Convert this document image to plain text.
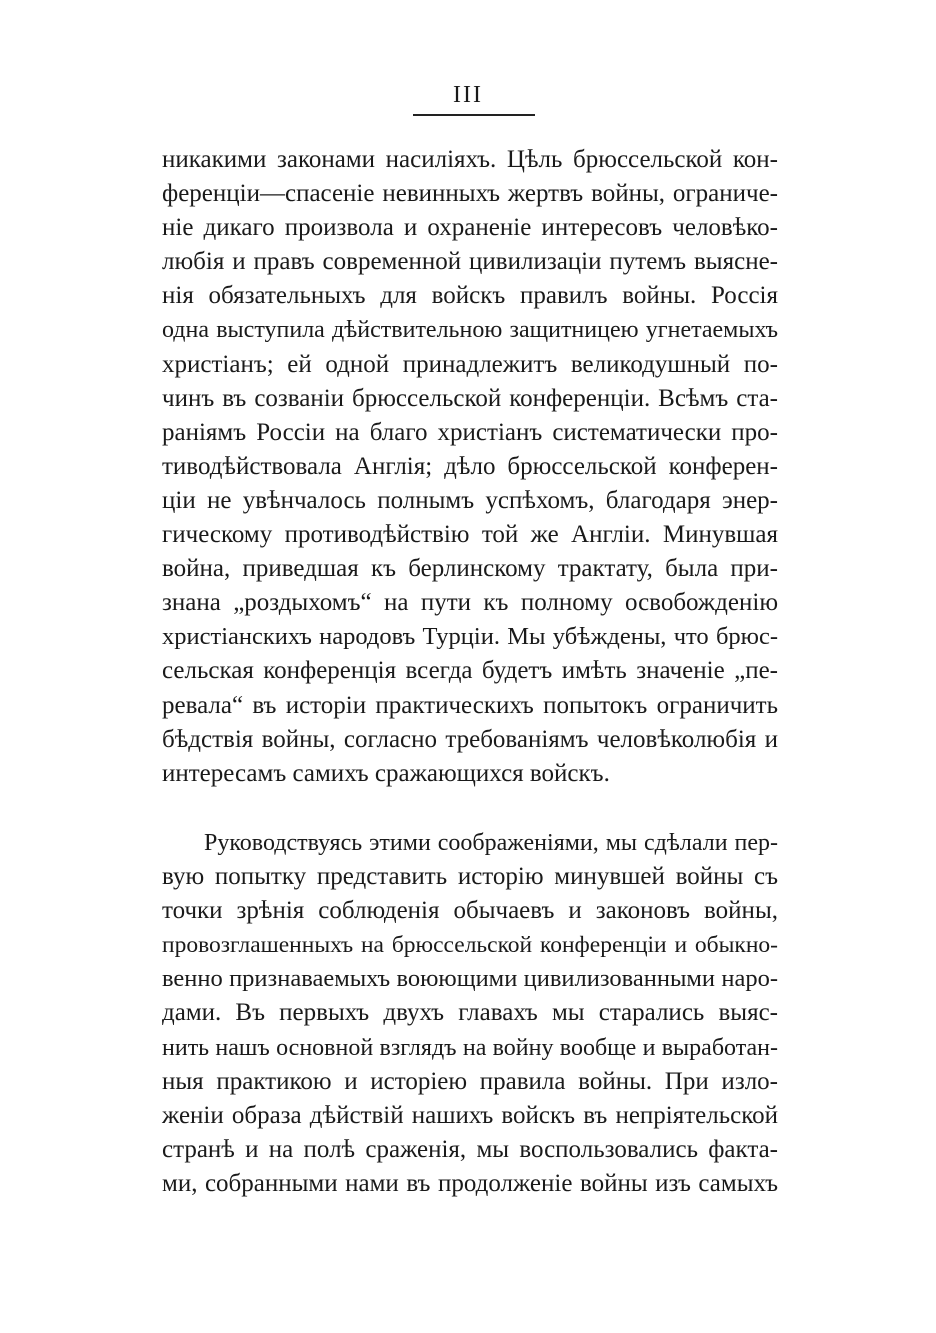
III
никакими законами насиліяхъ. Цѣль брюссельской кон-
ференціи—спасеніе невинныхъ жертвъ войны, ограниче-
ніе дикаго произвола и охраненіе интересовъ человѣко-
любія и правъ современной цивилизаціи путемъ выясне-
нія обязательныхъ для войскъ правилъ войны. Россія
одна выступила дѣйствительною защитницею угнетаемыхъ
христіанъ; ей одной принадлежитъ великодушный по-
чинъ въ созваніи брюссельской конференціи. Всѣмъ ста-
раніямъ Россіи на благо христіанъ систематически про-
тиводѣйствовала Англія; дѣло брюссельской конферен-
ціи не увѣнчалось полнымъ успѣхомъ, благодаря энер-
гическому противодѣйствію той же Англіи. Минувшая
война, приведшая къ берлинскому трактату, была при-
знана „роздыхомъ“ на пути къ полному освобожденію
христіанскихъ народовъ Турціи. Мы убѣждены, что брюс-
сельская конференція всегда будетъ имѣть значеніе „пе-
ревала“ въ исторіи практическихъ попытокъ ограничить
бѣдствія войны, согласно требованіямъ человѣколюбія и
интересамъ самихъ сражающихся войскъ.
Руководствуясь этими соображеніями, мы сдѣлали пер-
вую попытку представить исторію минувшей войны съ
точки зрѣнія соблюденія обычаевъ и законовъ войны,
провозглашенныхъ на брюссельской конференціи и обыкно-
венно признаваемыхъ воюющими цивилизованными наро-
дами. Въ первыхъ двухъ главахъ мы старались выяс-
нить нашъ основной взглядъ на войну вообще и выработан-
ныя практикою и исторіею правила войны. При изло-
женіи образа дѣйствій нашихъ войскъ въ непріятельской
странѣ и на полѣ сраженія, мы воспользовались факта-
ми, собранными нами въ продолженіе войны изъ самыхъ
